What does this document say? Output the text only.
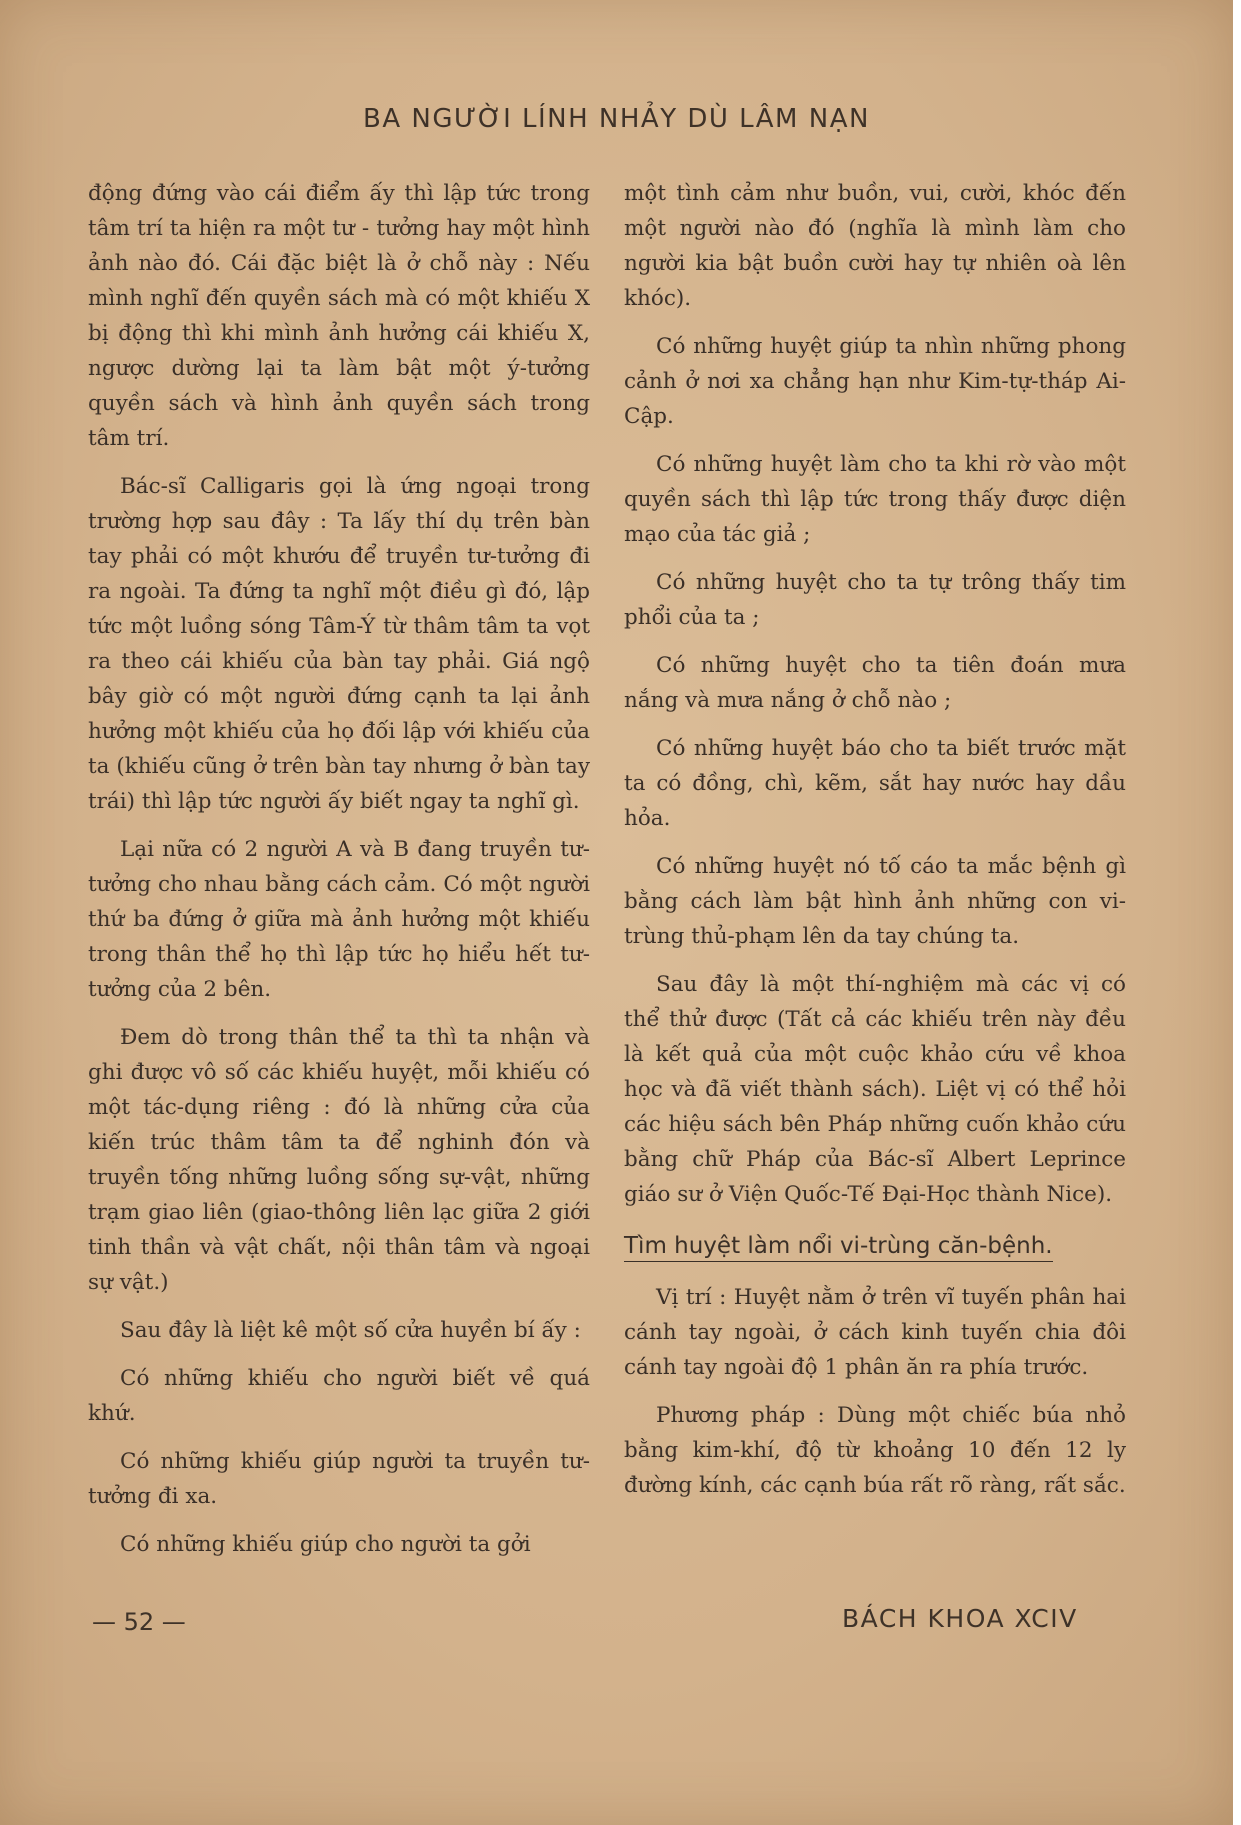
BA NGƯỜI LÍNH NHẢY DÙ LÂM NẠN

động đứng vào cái điểm ấy thì lập tức trong tâm trí ta hiện ra một tư - tưởng hay một hình ảnh nào đó. Cái đặc biệt là ở chỗ này : Nếu mình nghĩ đến quyền sách mà có một khiếu X bị động thì khi mình ảnh hưởng cái khiếu X, ngược dường lại ta làm bật một ý-tưởng quyền sách và hình ảnh quyền sách trong tâm trí.

Bác-sĩ Calligaris gọi là ứng ngoại trong trường hợp sau đây : Ta lấy thí dụ trên bàn tay phải có một khướu để truyền tư-tưởng đi ra ngoài. Ta đứng ta nghĩ một điều gì đó, lập tức một luồng sóng Tâm-Ý từ thâm tâm ta vọt ra theo cái khiếu của bàn tay phải. Giá ngộ bây giờ có một người đứng cạnh ta lại ảnh hưởng một khiếu của họ đối lập với khiếu của ta (khiếu cũng ở trên bàn tay nhưng ở bàn tay trái) thì lập tức người ấy biết ngay ta nghĩ gì.

Lại nữa có 2 người A và B đang truyền tư-tưởng cho nhau bằng cách cảm. Có một người thứ ba đứng ở giữa mà ảnh hưởng một khiếu trong thân thể họ thì lập tức họ hiểu hết tư-tưởng của 2 bên.

Đem dò trong thân thể ta thì ta nhận và ghi được vô số các khiếu huyệt, mỗi khiếu có một tác-dụng riêng : đó là những cửa của kiến trúc thâm tâm ta để nghinh đón và truyền tống những luồng sống sự-vật, những trạm giao liên (giao-thông liên lạc giữa 2 giới tinh thần và vật chất, nội thân tâm và ngoại sự vật.)

Sau đây là liệt kê một số cửa huyền bí ấy :

Có những khiếu cho người biết về quá khứ.

Có những khiếu giúp người ta truyền tư-tưởng đi xa.

Có những khiếu giúp cho người ta gởi

một tình cảm như buồn, vui, cười, khóc đến một người nào đó (nghĩa là mình làm cho người kia bật buồn cười hay tự nhiên oà lên khóc).

Có những huyệt giúp ta nhìn những phong cảnh ở nơi xa chẳng hạn như Kim-tự-tháp Ai-Cập.

Có những huyệt làm cho ta khi rờ vào một quyền sách thì lập tức trong thấy được diện mạo của tác giả ;

Có những huyệt cho ta tự trông thấy tim phổi của ta ;

Có những huyệt cho ta tiên đoán mưa nắng và mưa nắng ở chỗ nào ;

Có những huyệt báo cho ta biết trước mặt ta có đồng, chì, kẽm, sắt hay nước hay dầu hỏa.

Có những huyệt nó tố cáo ta mắc bệnh gì bằng cách làm bật hình ảnh những con vi-trùng thủ-phạm lên da tay chúng ta.

Sau đây là một thí-nghiệm mà các vị có thể thử được (Tất cả các khiếu trên này đều là kết quả của một cuộc khảo cứu về khoa học và đã viết thành sách). Liệt vị có thể hỏi các hiệu sách bên Pháp những cuốn khảo cứu bằng chữ Pháp của Bác-sĩ Albert Leprince giáo sư ở Viện Quốc-Tế Đại-Học thành Nice).

Tìm huyệt làm nổi vi-trùng căn-bệnh.

Vị trí : Huyệt nằm ở trên vĩ tuyến phân hai cánh tay ngoài, ở cách kinh tuyến chia đôi cánh tay ngoài độ 1 phân ăn ra phía trước.

Phương pháp : Dùng một chiếc búa nhỏ bằng kim-khí, độ từ khoảng 10 đến 12 ly đường kính, các cạnh búa rất rõ ràng, rất sắc.

— 52 —	BÁCH KHOA XCIV
